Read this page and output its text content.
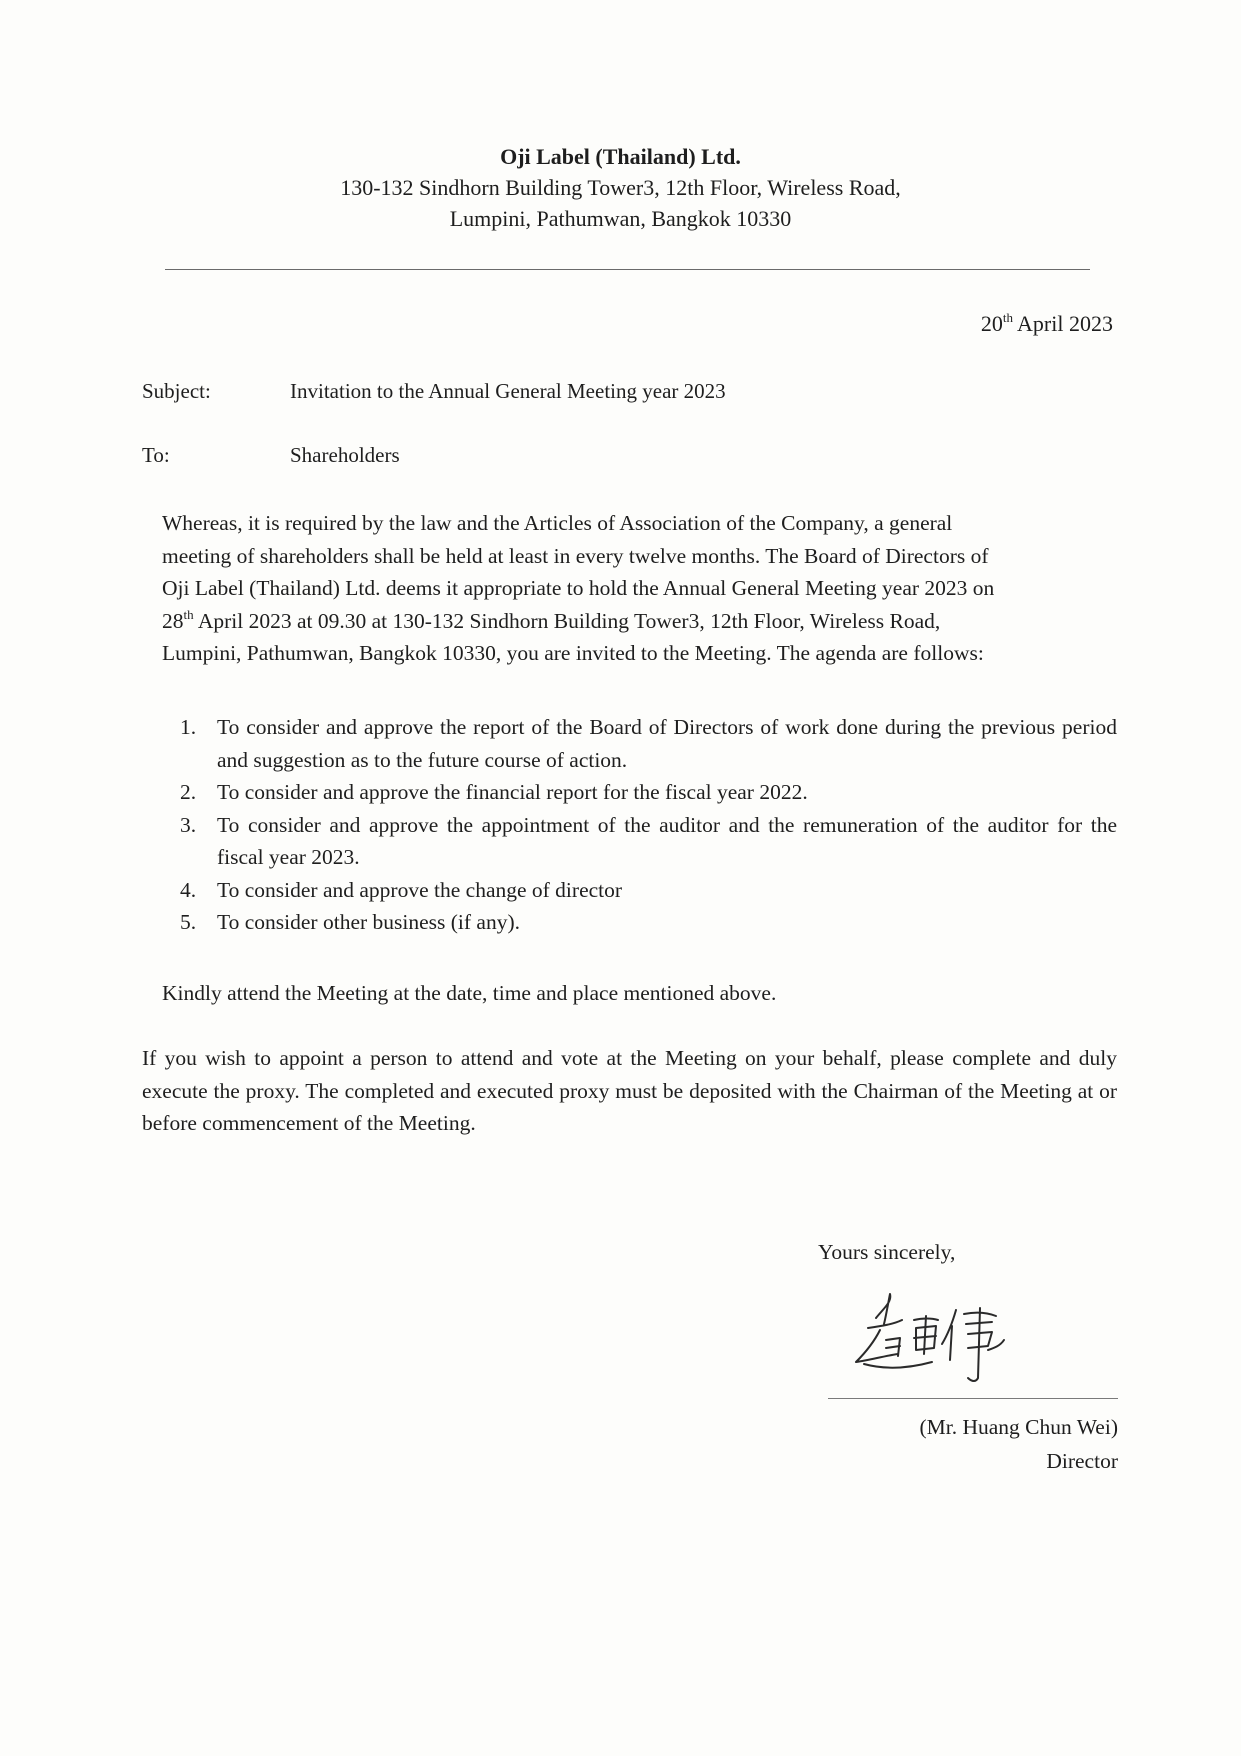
Oji Label (Thailand) Ltd.
130-132 Sindhorn Building Tower3, 12th Floor, Wireless Road,
Lumpini, Pathumwan, Bangkok 10330
20th April 2023
Subject:	Invitation to the Annual General Meeting year 2023
To:	Shareholders
Whereas, it is required by the law and the Articles of Association of the Company, a general
meeting of shareholders shall be held at least in every twelve months. The Board of Directors of
Oji Label (Thailand) Ltd. deems it appropriate to hold the Annual General Meeting year 2023 on
28th April 2023 at 09.30 at 130-132 Sindhorn Building Tower3, 12th Floor, Wireless Road,
Lumpini, Pathumwan, Bangkok 10330, you are invited to the Meeting. The agenda are follows:
1. To consider and approve the report of the Board of Directors of work done during the previous period and suggestion as to the future course of action.
2. To consider and approve the financial report for the fiscal year 2022.
3. To consider and approve the appointment of the auditor and the remuneration of the auditor for the fiscal year 2023.
4. To consider and approve the change of director
5. To consider other business (if any).
Kindly attend the Meeting at the date, time and place mentioned above.
If you wish to appoint a person to attend and vote at the Meeting on your behalf, please complete and duly execute the proxy. The completed and executed proxy must be deposited with the Chairman of the Meeting at or before commencement of the Meeting.
Yours sincerely,
(Mr. Huang Chun Wei)
Director
